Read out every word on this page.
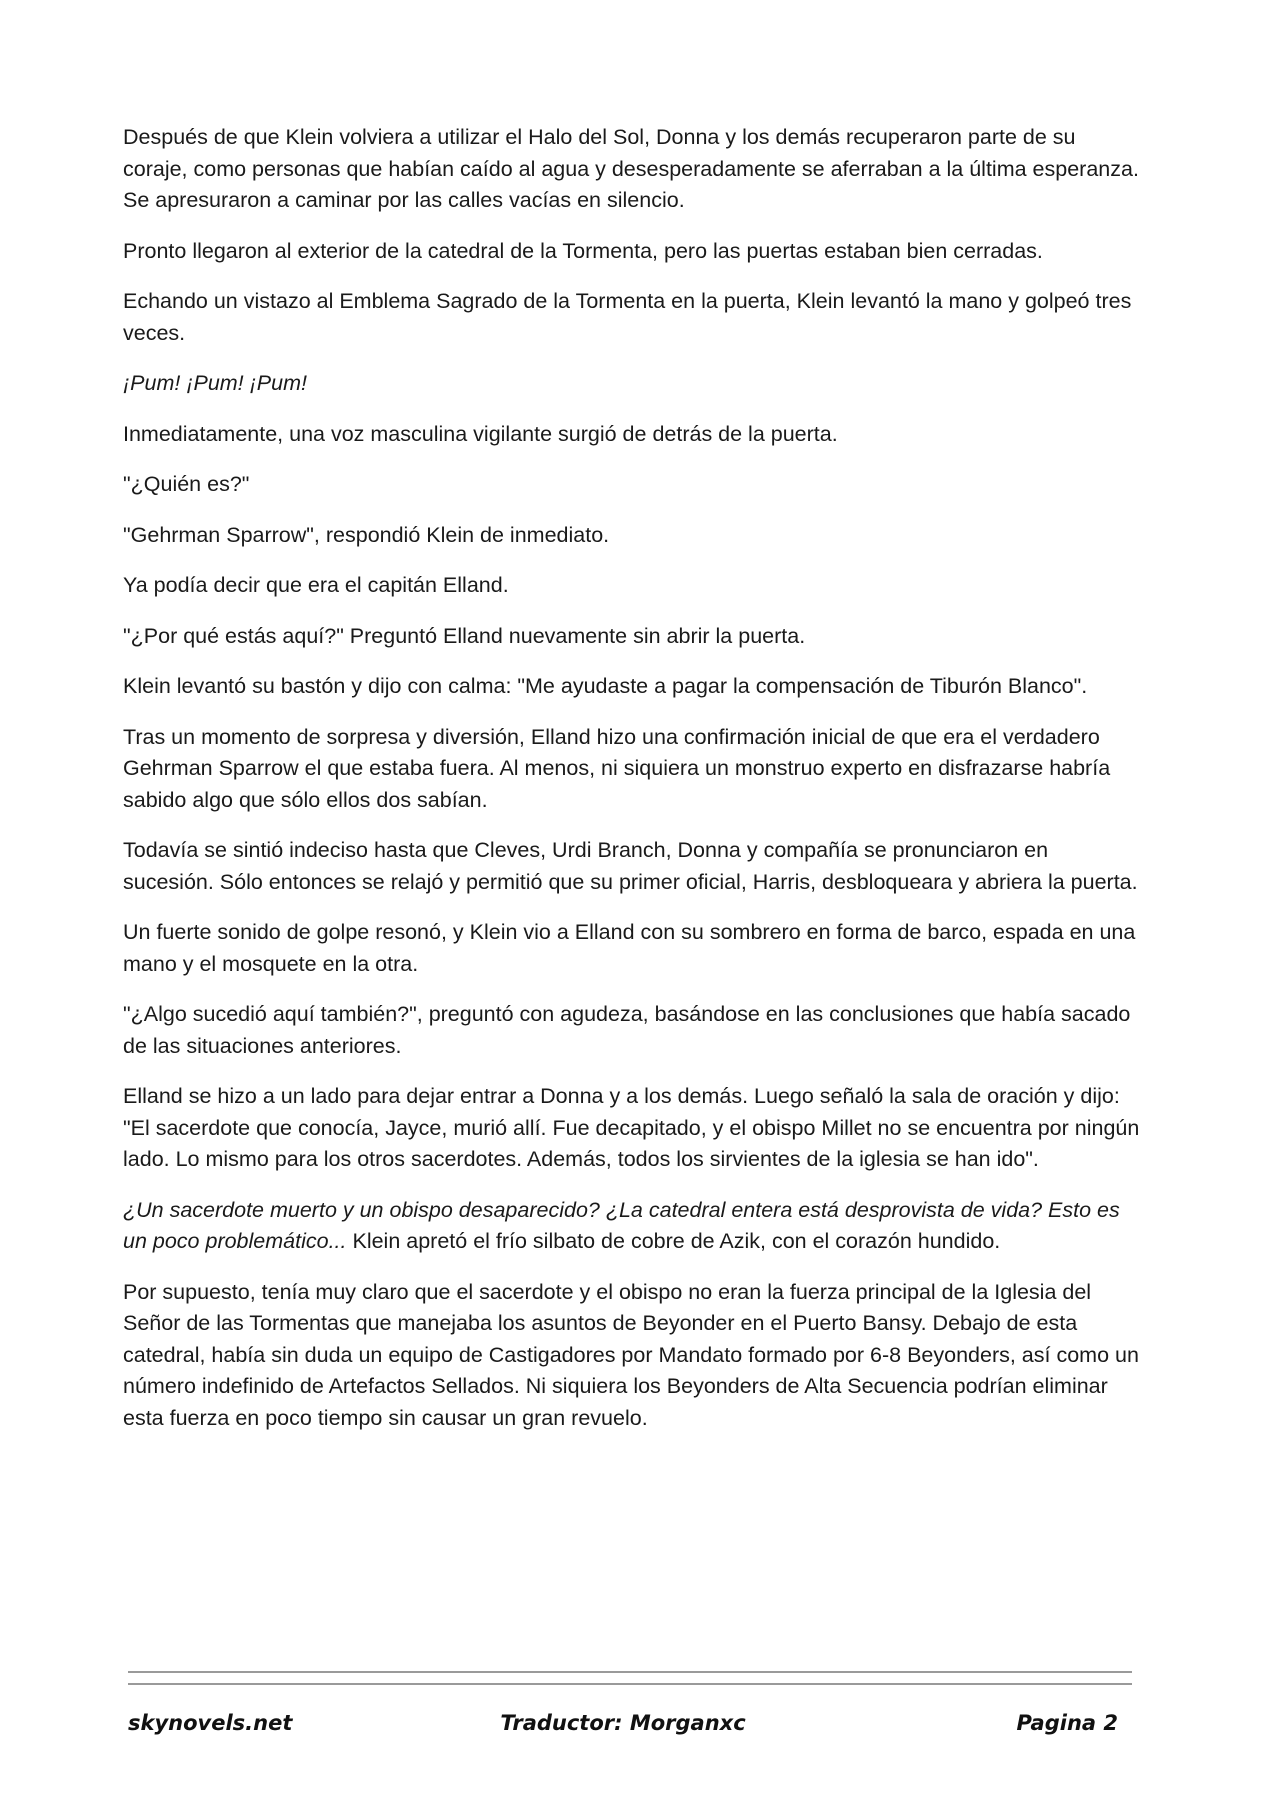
Después de que Klein volviera a utilizar el Halo del Sol, Donna y los demás recuperaron parte de su coraje, como personas que habían caído al agua y desesperadamente se aferraban a la última esperanza. Se apresuraron a caminar por las calles vacías en silencio.

Pronto llegaron al exterior de la catedral de la Tormenta, pero las puertas estaban bien cerradas.

Echando un vistazo al Emblema Sagrado de la Tormenta en la puerta, Klein levantó la mano y golpeó tres veces.

¡Pum! ¡Pum! ¡Pum!

Inmediatamente, una voz masculina vigilante surgió de detrás de la puerta.

"¿Quién es?"

"Gehrman Sparrow", respondió Klein de inmediato.

Ya podía decir que era el capitán Elland.

"¿Por qué estás aquí?" Preguntó Elland nuevamente sin abrir la puerta.

Klein levantó su bastón y dijo con calma: "Me ayudaste a pagar la compensación de Tiburón Blanco".

Tras un momento de sorpresa y diversión, Elland hizo una confirmación inicial de que era el verdadero Gehrman Sparrow el que estaba fuera. Al menos, ni siquiera un monstruo experto en disfrazarse habría sabido algo que sólo ellos dos sabían.

Todavía se sintió indeciso hasta que Cleves, Urdi Branch, Donna y compañía se pronunciaron en sucesión. Sólo entonces se relajó y permitió que su primer oficial, Harris, desbloqueara y abriera la puerta.

Un fuerte sonido de golpe resonó, y Klein vio a Elland con su sombrero en forma de barco, espada en una mano y el mosquete en la otra.

"¿Algo sucedió aquí también?", preguntó con agudeza, basándose en las conclusiones que había sacado de las situaciones anteriores.

Elland se hizo a un lado para dejar entrar a Donna y a los demás. Luego señaló la sala de oración y dijo: "El sacerdote que conocía, Jayce, murió allí. Fue decapitado, y el obispo Millet no se encuentra por ningún lado. Lo mismo para los otros sacerdotes. Además, todos los sirvientes de la iglesia se han ido".

¿Un sacerdote muerto y un obispo desaparecido? ¿La catedral entera está desprovista de vida? Esto es un poco problemático... Klein apretó el frío silbato de cobre de Azik, con el corazón hundido.

Por supuesto, tenía muy claro que el sacerdote y el obispo no eran la fuerza principal de la Iglesia del Señor de las Tormentas que manejaba los asuntos de Beyonder en el Puerto Bansy. Debajo de esta catedral, había sin duda un equipo de Castigadores por Mandato formado por 6-8 Beyonders, así como un número indefinido de Artefactos Sellados. Ni siquiera los Beyonders de Alta Secuencia podrían eliminar esta fuerza en poco tiempo sin causar un gran revuelo.

skynovels.net	Traductor: Morganxc	Pagina 2
